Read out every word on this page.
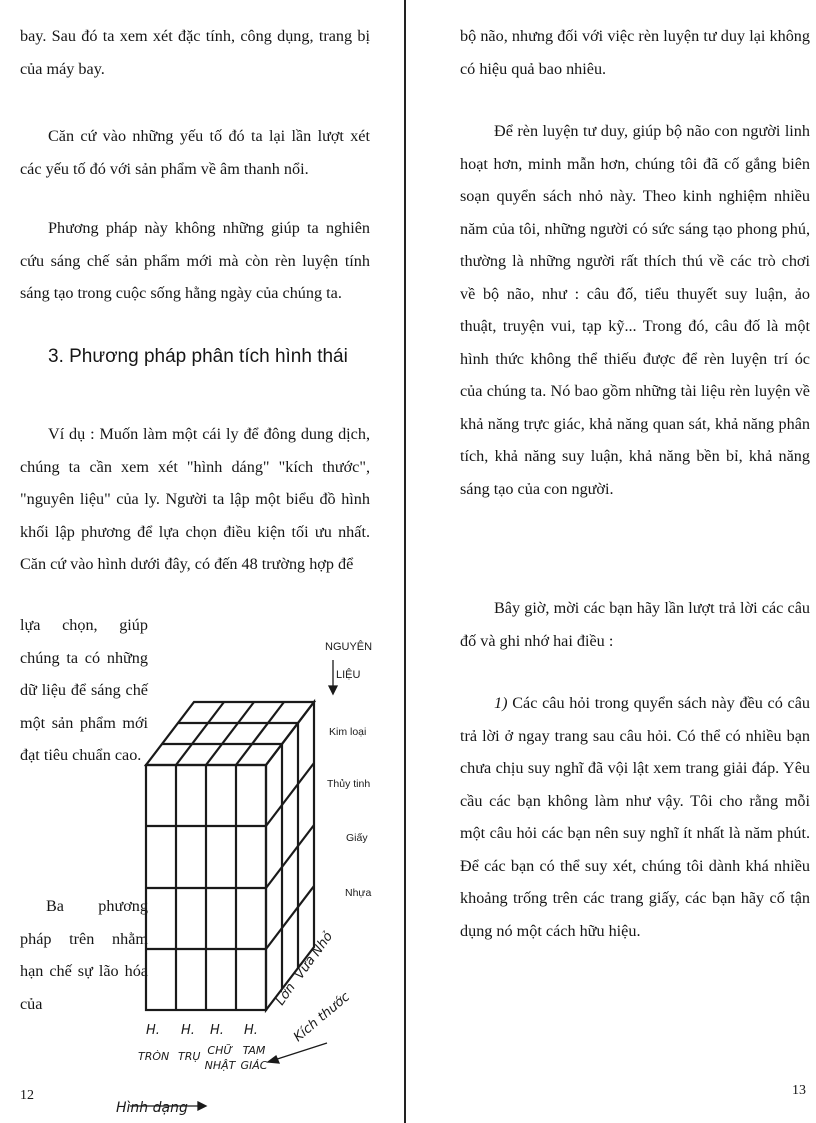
bay. Sau đó ta xem xét đặc tính, công dụng, trang bị của máy bay.

Căn cứ vào những yếu tố đó ta lại lần lượt xét các yếu tố đó với sản phẩm về âm thanh nổi.

Phương pháp này không những giúp ta nghiên cứu sáng chế sản phẩm mới mà còn rèn luyện tính sáng tạo trong cuộc sống hằng ngày của chúng ta.

3. Phương pháp phân tích hình thái

Ví dụ : Muốn làm một cái ly để đông dung dịch, chúng ta cần xem xét "hình dáng" "kích thước", "nguyên liệu" của ly. Người ta lập một biểu đồ hình khối lập phương để lựa chọn điều kiện tối ưu nhất. Căn cứ vào hình dưới đây, có đến 48 trường hợp để

lựa chọn, giúp chúng ta có những dữ liệu để sáng chế một sản phẩm mới đạt tiêu chuẩn cao.

Ba phương pháp trên nhằm hạn chế sự lão hóa của

12
NGUYÊN
LIỆU
Kim loại
Thủy tinh
Giấy
Nhựa
Lớn
Vừa
Nhỏ
Kích thước
H. H. H. H.
TRÒN TRỤ CHỮ NHẬT
TAM GIÁC
Hình dạng

bộ não, nhưng đối với việc rèn luyện tư duy lại không có hiệu quả bao nhiêu.

Để rèn luyện tư duy, giúp bộ não con người linh hoạt hơn, minh mẫn hơn, chúng tôi đã cố gắng biên soạn quyển sách nhỏ này. Theo kinh nghiệm nhiều năm của tôi, những người có sức sáng tạo phong phú, thường là những người rất thích thú về các trò chơi về bộ não, như : câu đố, tiểu thuyết suy luận, ảo thuật, truyện vui, tạp kỹ... Trong đó, câu đố là một hình thức không thể thiếu được để rèn luyện trí óc của chúng ta. Nó bao gồm những tài liệu rèn luyện về khả năng trực giác, khả năng quan sát, khả năng phân tích, khả năng suy luận, khả năng bền bỉ, khả năng sáng tạo của con người.

Bây giờ, mời các bạn hãy lần lượt trả lời các câu đố và ghi nhớ hai điều :

1) Các câu hỏi trong quyển sách này đều có câu trả lời ở ngay trang sau câu hỏi. Có thể có nhiều bạn chưa chịu suy nghĩ đã vội lật xem trang giải đáp. Yêu cầu các bạn không làm như vậy. Tôi cho rằng mỗi một câu hỏi các bạn nên suy nghĩ ít nhất là năm phút. Để các bạn có thể suy xét, chúng tôi dành khá nhiều khoảng trống trên các trang giấy, các bạn hãy cố tận dụng nó một cách hữu hiệu.

13
